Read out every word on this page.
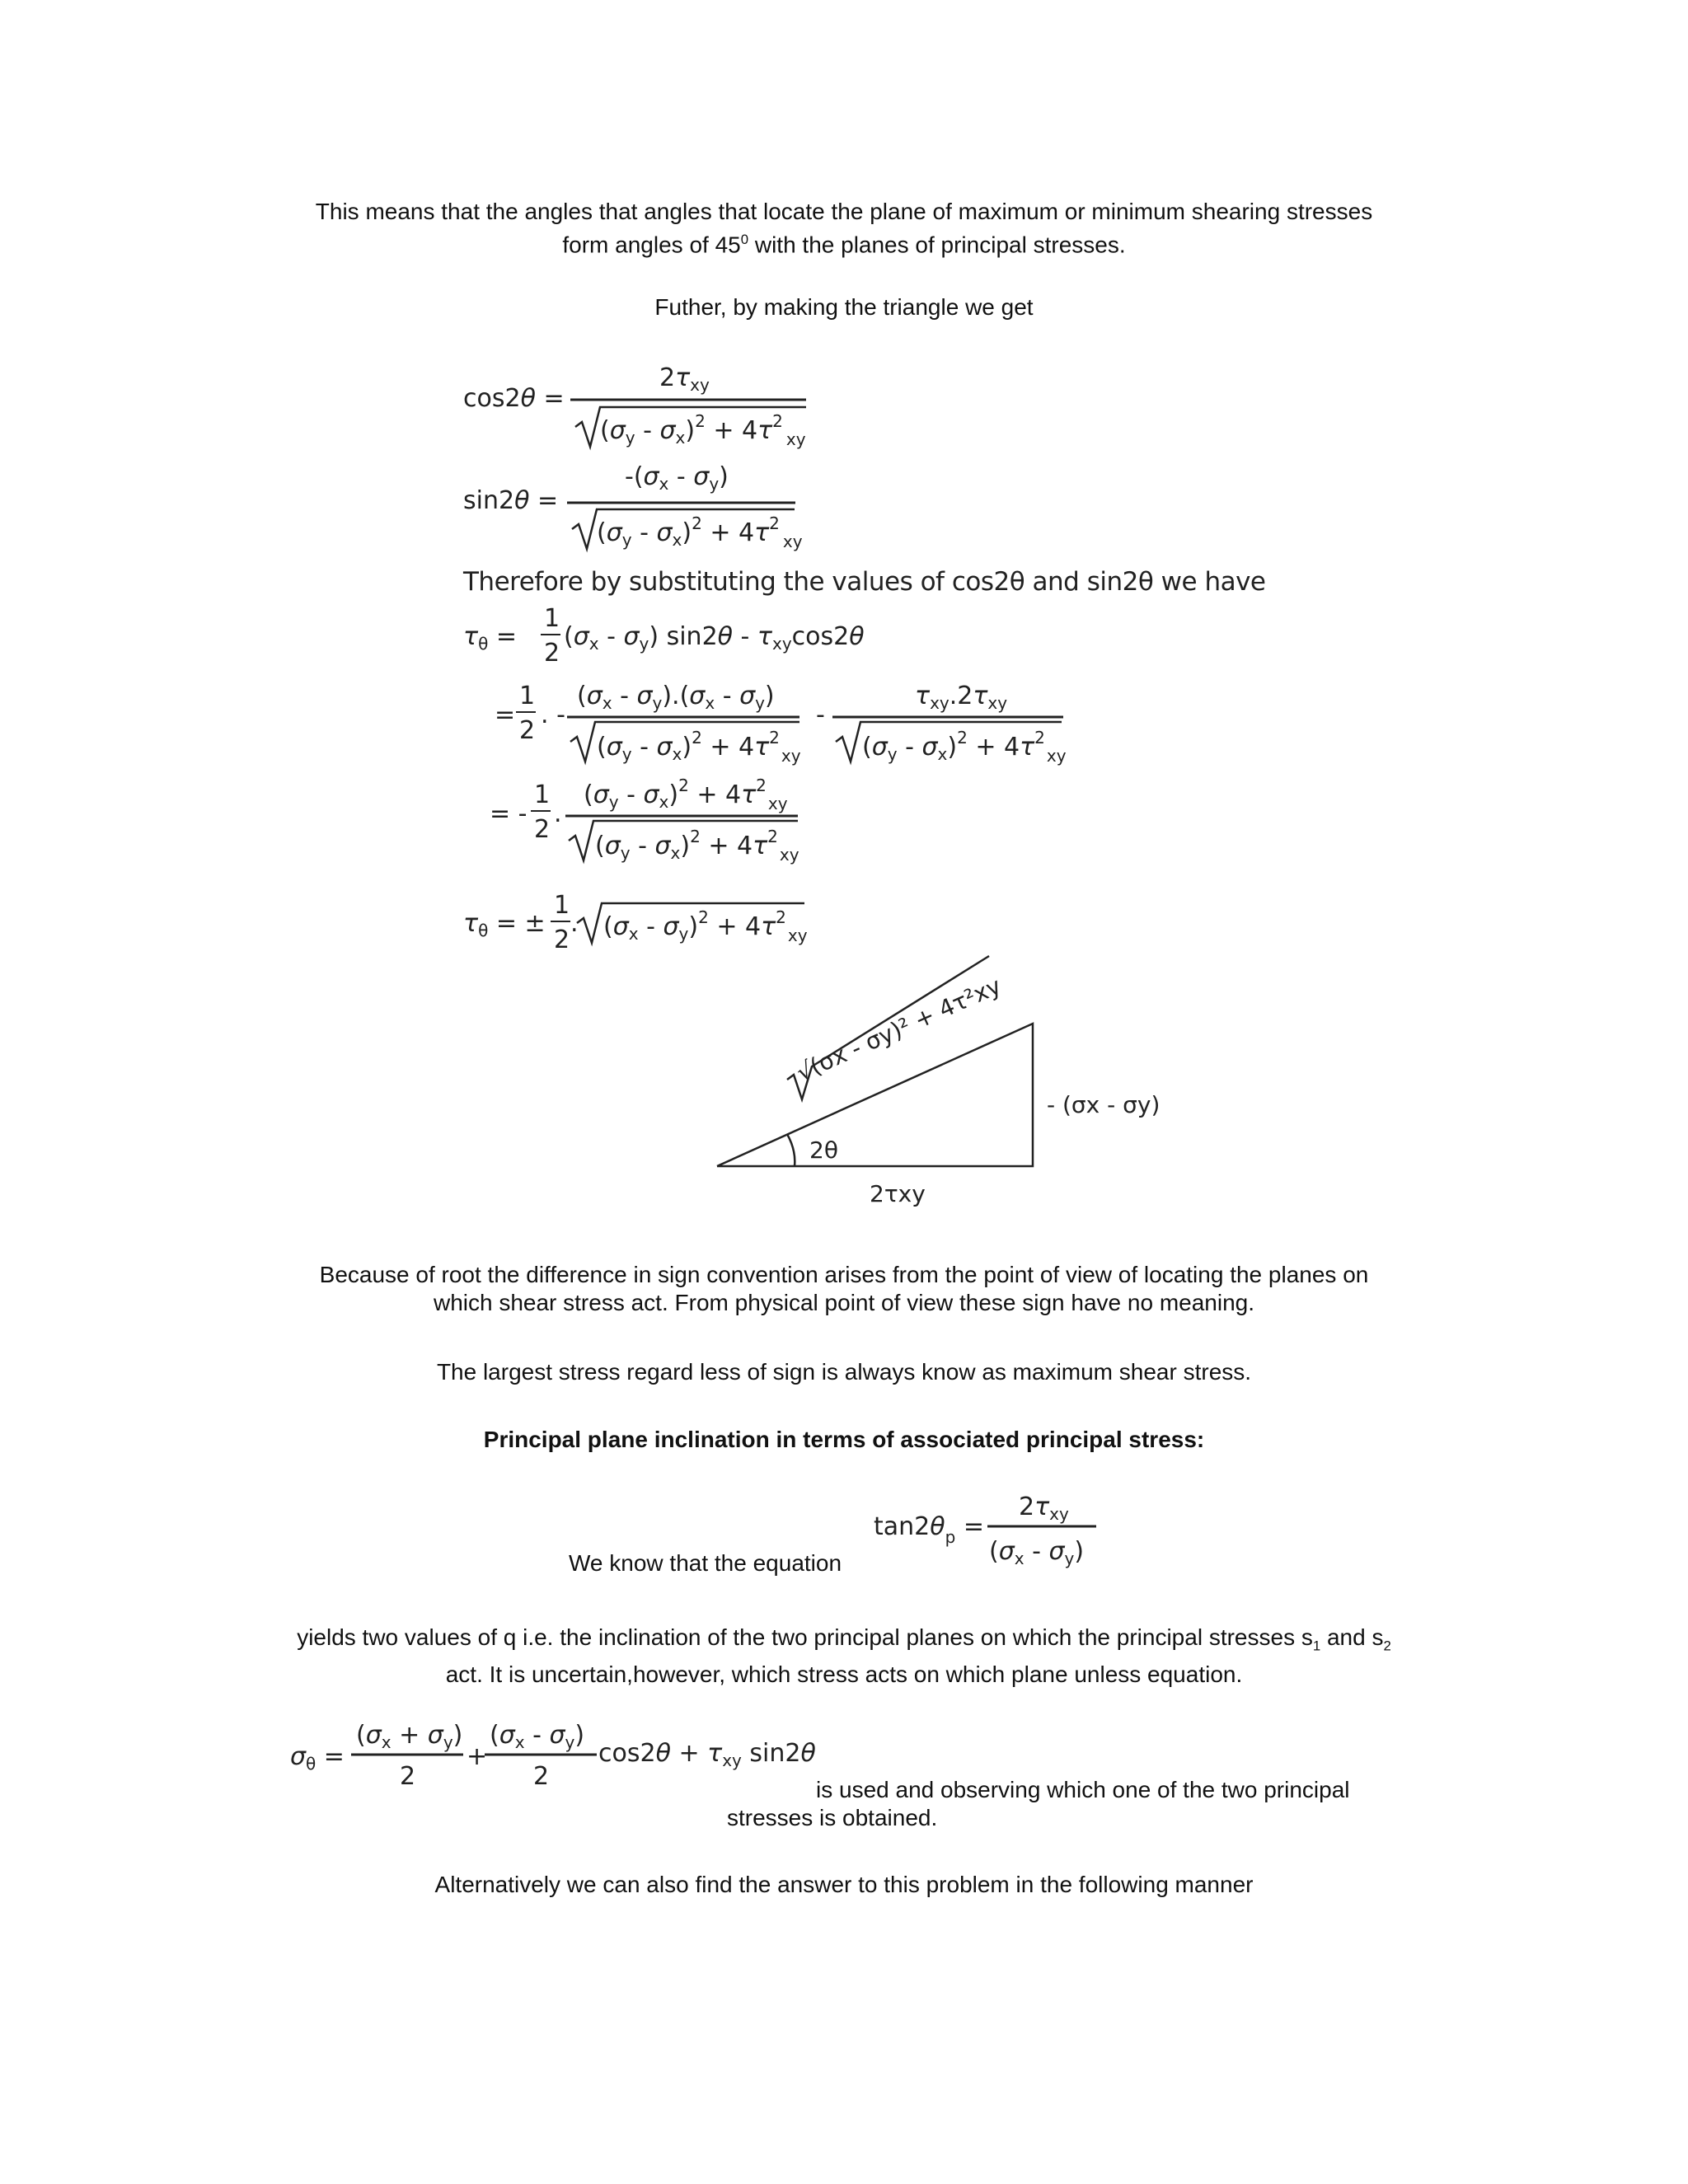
This means that the angles that angles that locate the plane of maximum or minimum shearing stresses
form angles of $45^0$ with the planes of principal stresses.
Futher, by making the triangle we get
cos2θ =
$2\tau_{xy}$
$(\sigma_y - \sigma_x)^2 + 4\tau^2_{xy}$
sin2θ =
$-(\sigma_x - \sigma_y)$
$(\sigma_y - \sigma_x)^2 + 4\tau^2_{xy}$
Therefore by substituting the values of cos2θ and sin2θ we have
$\tau_\theta$ =
1
2
$(\sigma_x - \sigma_y)$ $\sin 2\theta - \tau_{xy}\cos 2\theta$
=
1
2
. -
$(\sigma_x - \sigma_y).(\sigma_x - \sigma_y)$
$(\sigma_y - \sigma_x)^2 + 4\tau^2_{xy}$
-
$\tau_{xy}.2\tau_{xy}$
$(\sigma_y - \sigma_x)^2 + 4\tau^2_{xy}$
= -
1
2
.
$(\sigma_y - \sigma_x)^2 + 4\tau^2_{xy}$
$(\sigma_y - \sigma_x)^2 + 4\tau^2_{xy}$
$\tau_\theta$ = ±
1
2
. $(\sigma_x - \sigma_y)^2 + 4\tau^2_{xy}$
√(σx - σy)² + 4τ²xy
- (σx - σy)
2θ
2τxy
Because of root the difference in sign convention arises from the point of view of locating the planes on
which shear stress act. From physical point of view these sign have no meaning.
The largest stress regard less of sign is always know as maximum shear stress.
Principal plane inclination in terms of associated principal stress:
$\tan 2\theta_p$ =
$2\tau_{xy}$
$(\sigma_x - \sigma_y)$
We know that the equation
yields two values of q i.e. the inclination of the two principal planes on which the principal stresses $s_1$ and $s_2$
act. It is uncertain,however, which stress acts on which plane unless equation.
$\sigma_\theta$ =
$(\sigma_x + \sigma_y)$
2
+
$(\sigma_x - \sigma_y)$
2
$\cos 2\theta + \tau_{xy}$ sin2θ
is used and observing which one of the two principal
stresses is obtained.
Alternatively we can also find the answer to this problem in the following manner
